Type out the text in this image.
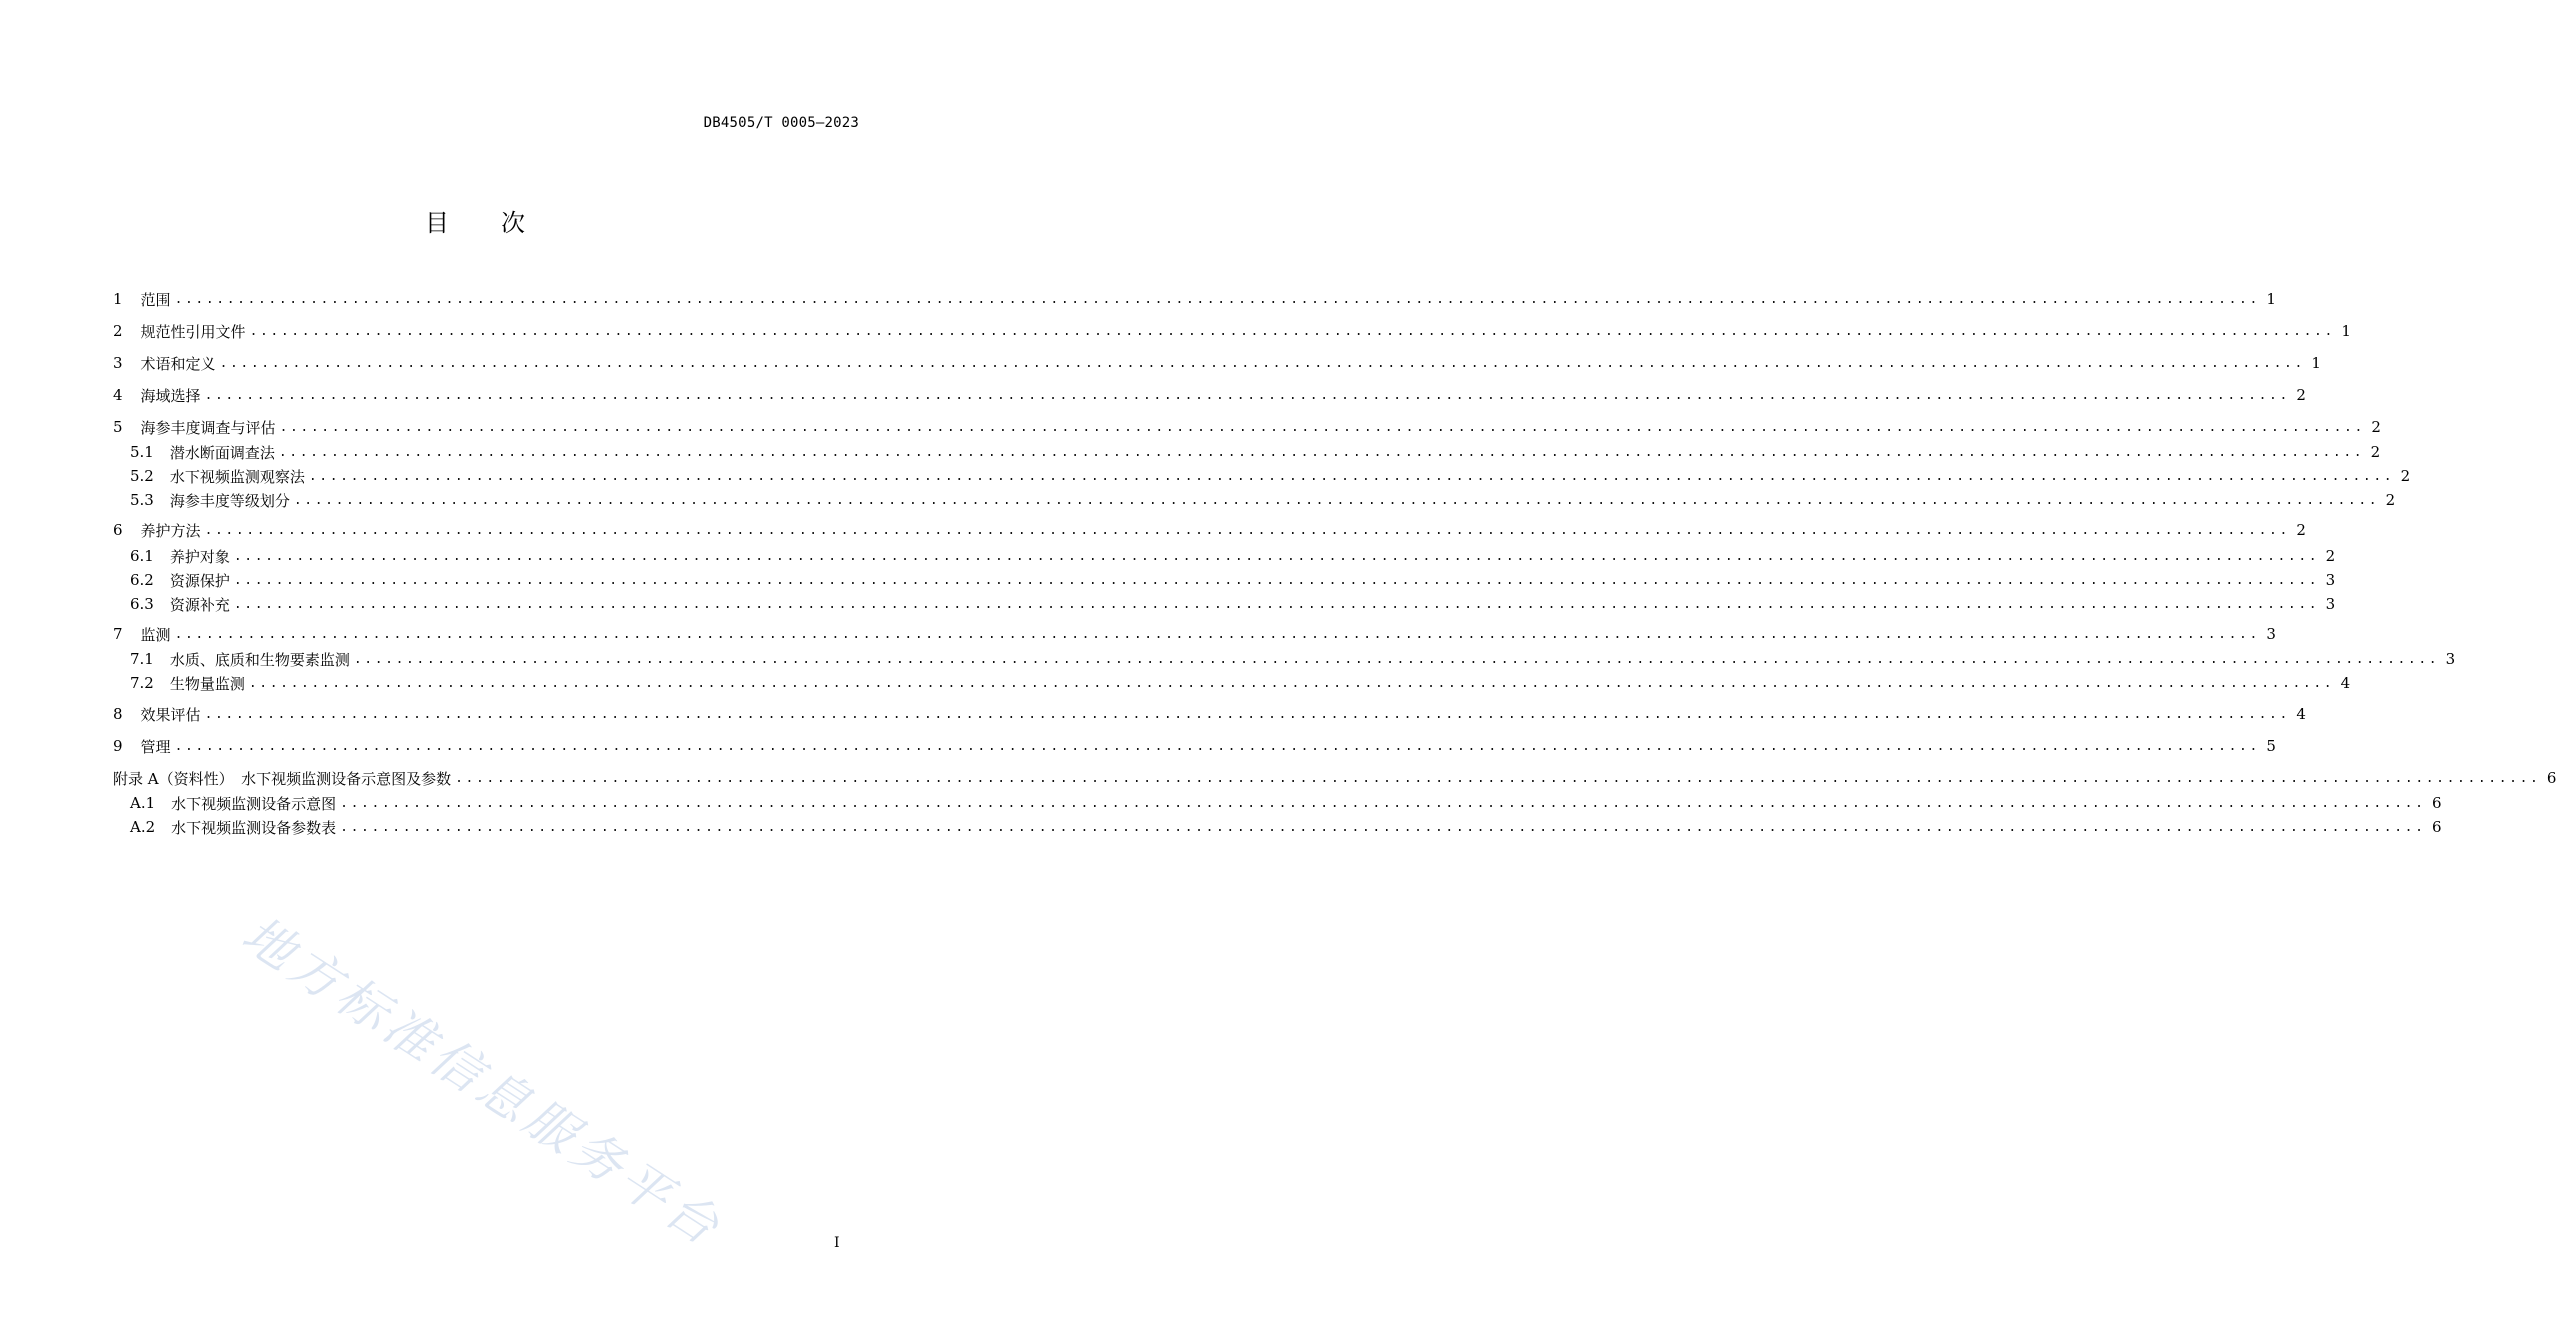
DB4505/T 0005—2023
目次
1 范围 ........................................................................................................................................................................................................ 1
2 规范性引用文件 ........................................................................................................................................................................................................ 1
3 术语和定义 ........................................................................................................................................................................................................ 1
4 海域选择 ........................................................................................................................................................................................................ 2
5 海参丰度调查与评估 ........................................................................................................................................................................................................ 2
5.1 潜水断面调查法 ........................................................................................................................................................................................................ 2
5.2 水下视频监测观察法 ........................................................................................................................................................................................................ 2
5.3 海参丰度等级划分 ........................................................................................................................................................................................................ 2
6 养护方法 ........................................................................................................................................................................................................ 2
6.1 养护对象 ........................................................................................................................................................................................................ 2
6.2 资源保护 ........................................................................................................................................................................................................ 3
6.3 资源补充 ........................................................................................................................................................................................................ 3
7 监测 ........................................................................................................................................................................................................ 3
7.1 水质、底质和生物要素监测 ........................................................................................................................................................................................................ 3
7.2 生物量监测 ........................................................................................................................................................................................................ 4
8 效果评估 ........................................................................................................................................................................................................ 4
9 管理 ........................................................................................................................................................................................................ 5
附录 A（资料性）　水下视频监测设备示意图及参数 ........................................................................................................................................................................................................ 6
A.1 水下视频监测设备示意图 ........................................................................................................................................................................................................ 6
A.2 水下视频监测设备参数表 ........................................................................................................................................................................................................ 6
地方标准信息服务平台	I
